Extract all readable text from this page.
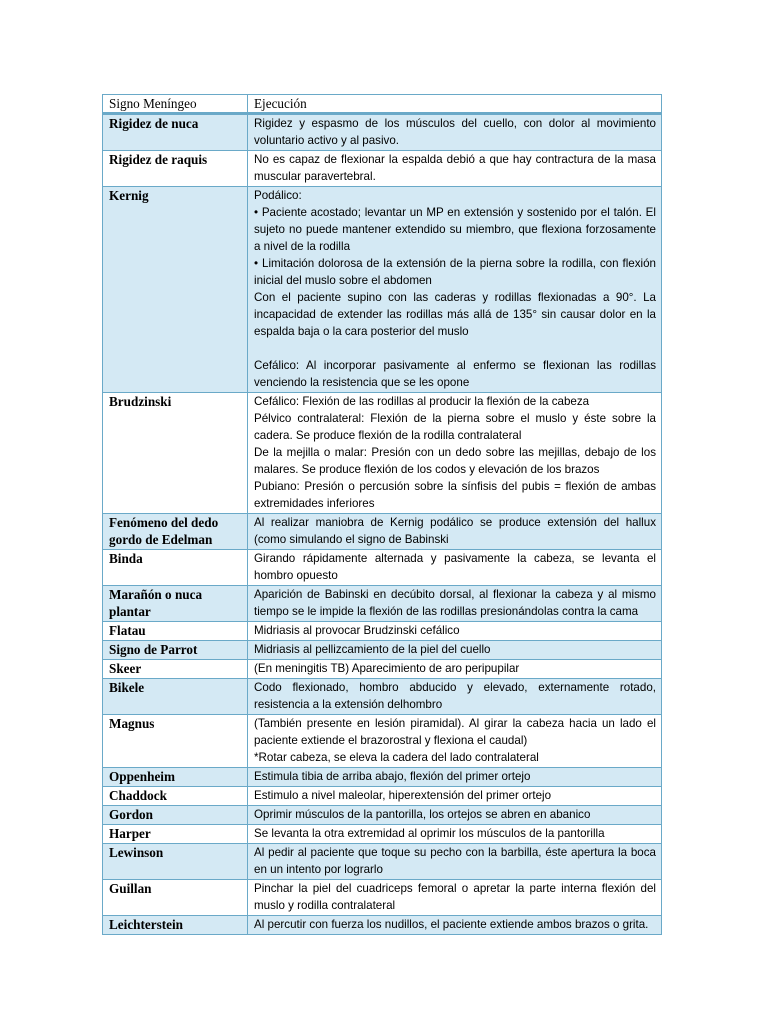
Signo Meníngeo	Ejecución
Rigidez de nuca	Rigidez y espasmo de los músculos del cuello, con dolor al movimiento voluntario activo y al pasivo.

Rigidez de raquis	No es capaz de flexionar la espalda debió a que hay contractura de la masa muscular paravertebral.

Kernig	Podálico:
• Paciente acostado; levantar un MP en extensión y sostenido por el talón. El sujeto no puede mantener extendido su miembro, que flexiona forzosamente a nivel de la rodilla
• Limitación dolorosa de la extensión de la pierna sobre la rodilla, con flexión inicial del muslo sobre el abdomen
Con el paciente supino con las caderas y rodillas flexionadas a 90°. La incapacidad de extender las rodillas más allá de 135° sin causar dolor en la espalda baja o la cara posterior del muslo

Cefálico: Al incorporar pasivamente al enfermo se flexionan las rodillas venciendo la resistencia que se les opone

Brudzinski	Cefálico: Flexión de las rodillas al producir la flexión de la cabeza
Pélvico contralateral: Flexión de la pierna sobre el muslo y éste sobre la cadera. Se produce flexión de la rodilla contralateral
De la mejilla o malar: Presión con un dedo sobre las mejillas, debajo de los malares. Se produce flexión de los codos y elevación de los brazos
Pubiano: Presión o percusión sobre la sínfisis del pubis = flexión de ambas extremidades inferiores

Fenómeno del dedo gordo de Edelman	Al realizar maniobra de Kernig podálico se produce extensión del hallux (como simulando el signo de Babinski

Binda	Girando rápidamente alternada y pasivamente la cabeza, se levanta el hombro opuesto

Marañón o nuca plantar	Aparición de Babinski en decúbito dorsal, al flexionar la cabeza y al mismo tiempo se le impide la flexión de las rodillas presionándolas contra la cama

Flatau	Midriasis al provocar Brudzinski cefálico

Signo de Parrot	Midriasis al pellizcamiento de la piel del cuello

Skeer	(En meningitis TB) Aparecimiento de aro peripupilar

Bikele	Codo flexionado, hombro abducido y elevado, externamente rotado, resistencia a la extensión delhombro

Magnus	(También presente en lesión piramidal). Al girar la cabeza hacia un lado el paciente extiende el brazorostral y flexiona el caudal)
*Rotar cabeza, se eleva la cadera del lado contralateral

Oppenheim	Estimula tibia de arriba abajo, flexión del primer ortejo

Chaddock	Estimulo a nivel maleolar, hiperextensión del primer ortejo

Gordon	Oprimir músculos de la pantorilla, los ortejos se abren en abanico

Harper	Se levanta la otra extremidad al oprimir los músculos de la pantorilla

Lewinson	Al pedir al paciente que toque su pecho con la barbilla, éste apertura la boca en un intento por lograrlo

Guillan	Pinchar la piel del cuadriceps femoral o apretar la parte interna flexión del muslo y rodilla contralateral

Leichterstein	Al percutir con fuerza los nudillos, el paciente extiende ambos brazos o grita.
